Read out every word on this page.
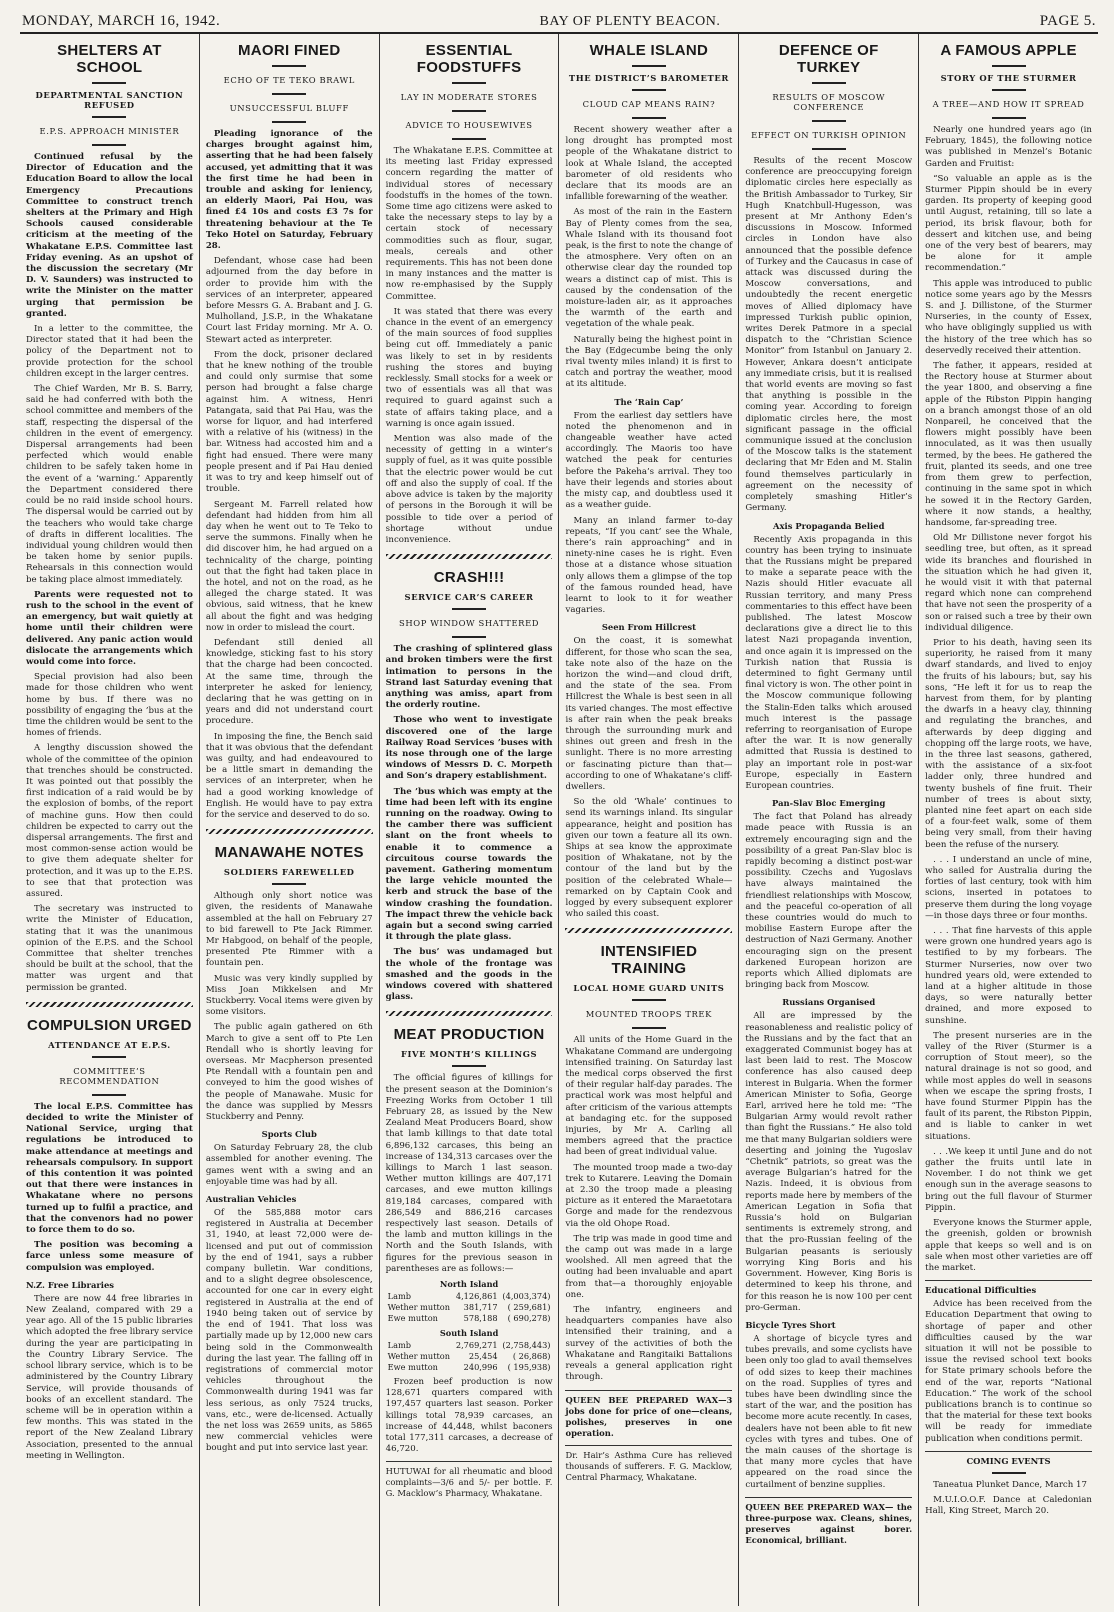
MONDAY, MARCH 16, 1942.	BAY OF PLENTY BEACON.	PAGE 5.
SHELTERS AT SCHOOL
DEPARTMENTAL SANCTION REFUSED
E.P.S. APPROACH MINISTER

Continued refusal by the Director of Education and the Education Board to allow the local Emergency Precautions Committee to construct trench shelters at the Primary and High Schools caused considerable criticism at the meeting of the Whakatane E.P.S. Committee last Friday evening. As an upshot of the discussion the secretary (Mr D. V. Saunders) was instructed to write the Minister on the matter urging that permission be granted.

In a letter to the committee, the Director stated that it had been the policy of the Department not to provide protection for the school children except in the larger centres.

The Chief Warden, Mr B. S. Barry, said he had conferred with both the school committee and members of the staff, respecting the dispersal of the children in the event of emergency. Dispersal arrangements had been perfected which would enable children to be safely taken home in the event of a ‘warning.’ Apparently the Department considered there could be no raid inside school hours. The dispersal would be carried out by the teachers who would take charge of drafts in different localities. The individual young children would then be taken home by senior pupils. Rehearsals in this connection would be taking place almost immediately.

Parents were requested not to rush to the school in the event of an emergency, but wait quietly at home until their children were delivered. Any panic action would dislocate the arrangements which would come into force.

Special provision had also been made for those children who went home by bus. If there was no possibility of engaging the ’bus at the time the children would be sent to the homes of friends.

A lengthy discussion showed the whole of the committee of the opinion that trenches should be constructed. It was pointed out that possibly the first indication of a raid would be by the explosion of bombs, of the report of machine guns. How then could children be expected to carry out the dispersal arrangements. The first and most common-sense action would be to give them adequate shelter for protection, and it was up to the E.P.S. to see that that protection was assured.

The secretary was instructed to write the Minister of Education, stating that it was the unanimous opinion of the E.P.S. and the School Committee that shelter trenches should be built at the school, that the matter was urgent and that permission be granted.

COMPULSION URGED
ATTENDANCE AT E.P.S.
COMMITTEE’S RECOMMENDATION

The local E.P.S. Committee has decided to write the Minister of National Service, urging that regulations be introduced to make attendance at meetings and rehearsals compulsory. In support of this contention it was pointed out that there were instances in Whakatane where no persons turned up to fulfil a practice, and that the convenors had no power to force them to do so.

The position was becoming a farce unless some measure of compulsion was employed.

N.Z. Free Libraries

There are now 44 free libraries in New Zealand, compared with 29 a year ago. All of the 15 public libraries which adopted the free library service during the year are participating in the Country Library Service. The school library service, which is to be administered by the Country Library Service, will provide thousands of books of an excellent standard. The scheme will be in operation within a few months. This was stated in the report of the New Zealand Library Association, presented to the annual meeting in Wellington.

MAORI FINED
ECHO OF TE TEKO BRAWL
UNSUCCESSFUL BLUFF

Pleading ignorance of the charges brought against him, asserting that he had been falsely accused, yet admitting that it was the first time he had been in trouble and asking for leniency, an elderly Maori, Pai Hou, was fined £4 10s and costs £3 7s for threatening behaviour at the Te Teko Hotel on Saturday, February 28.

Defendant, whose case had been adjourned from the day before in order to provide him with the services of an interpreter, appeared before Messrs G. A. Brabant and J. G. Mulholland, J.S.P., in the Whakatane Court last Friday morning. Mr A. O. Stewart acted as interpreter.

From the dock, prisoner declared that he knew nothing of the trouble and could only surmise that some person had brought a false charge against him. A witness, Henri Patangata, said that Pai Hau, was the worse for liquor, and had interfered with a relative of his (witness) in the bar. Witness had accosted him and a fight had ensued. There were many people present and if Pai Hau denied it was to try and keep himself out of trouble.

Sergeant M. Farrell related how defendant had hidden from him all day when he went out to Te Teko to serve the summons. Finally when he did discover him, he had argued on a technicality of the charge, pointing out that the fight had taken place in the hotel, and not on the road, as he alleged the charge stated. It was obvious, said witness, that he knew all about the fight and was hedging now in order to mislead the court.

Defendant still denied all knowledge, sticking fast to his story that the charge had been concocted. At the same time, through the interpreter he asked for leniency, declaring that he was getting on in years and did not understand court procedure.

In imposing the fine, the Bench said that it was obvious that the defendant was guilty, and had endeavoured to be a little smart in demanding the services of an interpreter, when he had a good working knowledge of English. He would have to pay extra for the service and deserved to do so.

MANAWAHE NOTES
SOLDIERS FAREWELLED

Although only short notice was given, the residents of Manawahe assembled at the hall on February 27 to bid farewell to Pte Jack Rimmer. Mr Habgood, on behalf of the people, presented Pte Rimmer with a fountain pen.

Music was very kindly supplied by Miss Joan Mikkelsen and Mr Stuckberry. Vocal items were given by some visitors.

The public again gathered on 6th March to give a sent off to Pte Len Rendall who is shortly leaving for overseas. Mr Macpherson presented Pte Rendall with a fountain pen and conveyed to him the good wishes of the people of Manawahe. Music for the dance was supplied by Messrs Stuckberry and Penny.

Sports Club

On Saturday February 28, the club assembled for another evening. The games went with a swing and an enjoyable time was had by all.

Australian Vehicles

Of the 585,888 motor cars registered in Australia at December 31, 1940, at least 72,000 were de-licensed and put out of commission by the end of 1941, says a rubber company bulletin. War conditions, and to a slight degree obsolescence, accounted for one car in every eight registered in Australia at the end of 1940 being taken out of service by the end of 1941. That loss was partially made up by 12,000 new cars being sold in the Commonwealth during the last year. The falling off in registrations of commercial motor vehicles throughout the Commonwealth during 1941 was far less serious, as only 7524 trucks, vans, etc., were de-licensed. Actually the net loss was 2659 units, as 5865 new commercial vehicles were bought and put into service last year.

ESSENTIAL FOODSTUFFS
LAY IN MODERATE STORES
ADVICE TO HOUSEWIVES

The Whakatane E.P.S. Committee at its meeting last Friday expressed concern regarding the matter of individual stores of necessary foodstuffs in the homes of the town. Some time ago citizens were asked to take the necessary steps to lay by a certain stock of necessary commodities such as flour, sugar, meals, cereals and other requirements. This has not been done in many instances and the matter is now re-emphasised by the Supply Committee.

It was stated that there was every chance in the event of an emergency of the main sources of food supplies being cut off. Immediately a panic was likely to set in by residents rushing the stores and buying recklessly. Small stocks for a week or two of essentials was all that was required to guard against such a state of affairs taking place, and a warning is once again issued.

Mention was also made of the necessity of getting in a winter’s supply of fuel, as it was quite possible that the electric power would be cut off and also the supply of coal. If the above advice is taken by the majority of persons in the Borough it will be possible to tide over a period of shortage without undue inconvenience.

CRASH!!!
SERVICE CAR’S CAREER
SHOP WINDOW SHATTERED

The crashing of splintered glass and broken timbers were the first intimation to persons in the Strand last Saturday evening that anything was amiss, apart from the orderly routine.

Those who went to investigate discovered one of the large Railway Road Services ’buses with its nose through one of the large windows of Messrs D. C. Morpeth and Son’s drapery establishment.

The ’bus which was empty at the time had been left with its engine running on the roadway. Owing to the camber there was sufficient slant on the front wheels to enable it to commence a circuitous course towards the pavement. Gathering momentum the large vehicle mounted the kerb and struck the base of the window crashing the foundation. The impact threw the vehicle back again but a second swing carried it through the plate glass.

The bus’ was undamaged but the whole of the frontage was smashed and the goods in the windows covered with shattered glass.

MEAT PRODUCTION
FIVE MONTH’S KILLINGS

The official figures of killings for the present season at the Dominion’s Freezing Works from October 1 till February 28, as issued by the New Zealand Meat Producers Board, show that lamb killings to that date total 6,896,132 carcases, this being an increase of 134,313 carcases over the killings to March 1 last season. Wether mutton killings are 407,171 carcases, and ewe mutton killings 819,184 carcases, compared with 286,549 and 886,216 carcases respectively last season. Details of the lamb and mutton killings in the North and the South Islands, with figures for the previous season in parentheses are as follows:—

North Island
Lamb	4,126,861	(4,003,374)
Wether mutton	381,717	( 259,681)
Ewe mutton	578,188	( 690,278)
South Island
Lamb	2,769,271	(2,758,443)
Wether mutton	25,454	( 26,868)
Ewe mutton	240,996	( 195,938)

Frozen beef production is now 128,671 quarters compared with 197,457 quarters last season. Porker killings total 78,939 carcases, an increase of 44,448, whilst baconers total 177,311 carcases, a decrease of 46,720.

HUTUWAI for all rheumatic and blood complaints—3/6 and 5/- per bottle. F. G. Macklow’s Pharmacy, Whakatane.
WHALE ISLAND
THE DISTRICT’S BAROMETER
CLOUD CAP MEANS RAIN?

Recent showery weather after a long drought has prompted most people of the Whakatane district to look at Whale Island, the accepted barometer of old residents who declare that its moods are an infallible forewarning of the weather.

As most of the rain in the Eastern Bay of Plenty comes from the sea, Whale Island with its thousand foot peak, is the first to note the change of the atmosphere. Very often on an otherwise clear day the rounded top wears a distinct cap of mist. This is caused by the condensation of the moisture-laden air, as it approaches the warmth of the earth and vegetation of the whale peak.

Naturally being the highest point in the Bay (Edgecumbe being the only rival twenty miles inland) it is first to catch and portray the weather, mood at its altitude.

The ‘Rain Cap’

From the earliest day settlers have noted the phenomenon and in changeable weather have acted accordingly. The Maoris too have watched the peak for centuries before the Pakeha’s arrival. They too have their legends and stories about the misty cap, and doubtless used it as a weather guide.

Many an inland farmer to-day repeats, “If you cant’ see the Whale, there’s rain approaching” and in ninety-nine cases he is right. Even those at a distance whose situation only allows them a glimpse of the top of the famous rounded head, have learnt to look to it for weather vagaries.

Seen From Hillcrest

On the coast, it is somewhat different, for those who scan the sea, take note also of the haze on the horizon the wind—and cloud drift, and the state of the sea. From Hillcrest the Whale is best seen in all its varied changes. The most effective is after rain when the peak breaks through the surrounding murk and shines out green and fresh in the sunlight. There is no more arresting or fascinating picture than that—according to one of Whakatane’s cliff-dwellers.

So the old ‘Whale’ continues to send its warnings inland. Its singular appearance, height and position has given our town a feature all its own. Ships at sea know the approximate position of Whakatane, not by the contour of the land but by the position of the celebrated Whale—remarked on by Captain Cook and logged by every subsequent explorer who sailed this coast.

INTENSIFIED TRAINING
LOCAL HOME GUARD UNITS
MOUNTED TROOPS TREK

All units of the Home Guard in the Whakatane Command are undergoing intensified training. On Saturday last the medical corps observed the first of their regular half-day parades. The practical work was most helpful and after criticism of the various attempts at bandaging etc. for the supposed injuries, by Mr A. Carling all members agreed that the practice had been of great individual value.

The mounted troop made a two-day trek to Kutarere. Leaving the Domain at 2.30 the troop made a pleasing picture as it entered the Maraetotara Gorge and made for the rendezvous via the old Ohope Road.

The trip was made in good time and the camp out was made in a large woolshed. All men agreed that the outing had been invaluable and apart from that—a thoroughly enjoyable one.

The infantry, engineers and headquarters companies have also intensified their training, and a survey of the activities of both the Whakatane and Rangitaiki Battalions reveals a general application right through.

QUEEN BEE PREPARED WAX—3 jobs done for price of one—cleans, polishes, preserves in one operation.
Dr. Hair’s Asthma Cure has relieved thousands of sufferers. F. G. Macklow, Central Pharmacy, Whakatane.
DEFENCE OF TURKEY
RESULTS OF MOSCOW CONFERENCE
EFFECT ON TURKISH OPINION

Results of the recent Moscow conference are preoccupying foreign diplomatic circles here especially as the British Ambassador to Turkey, Sir Hugh Knatchbull-Hugesson, was present at Mr Anthony Eden’s discussions in Moscow. Informed circles in London have also announced that the possible defence of Turkey and the Caucasus in case of attack was discussed during the Moscow conversations, and undoubtedly the recent energetic moves of Allied diplomacy have impressed Turkish public opinion, writes Derek Patmore in a special dispatch to the “Christian Science Monitor” from Istanbul on January 2. However, Ankara doesn’t anticipate any immediate crisis, but it is realised that world events are moving so fast that anything is possible in the coming year. According to foreign diplomatic circles here, the most significant passage in the official communique issued at the conclusion of the Moscow talks is the statement declaring that Mr Eden and M. Stalin found themselves particularly in agreement on the necessity of completely smashing Hitler’s Germany.

Axis Propaganda Belied

Recently Axis propaganda in this country has been trying to insinuate that the Russians might be prepared to make a separate peace with the Nazis should Hitler evacuate all Russian territory, and many Press commentaries to this effect have been published. The latest Moscow declarations give a direct lie to this latest Nazi propaganda invention, and once again it is impressed on the Turkish nation that Russia is determined to fight Germany until final victory is won. The other point in the Moscow communique following the Stalin-Eden talks which aroused much interest is the passage referring to reorganisation of Europe after the war. It is now generally admitted that Russia is destined to play an important role in post-war Europe, especially in Eastern European countries.

Pan-Slav Bloc Emerging

The fact that Poland has already made peace with Russia is an extremely encouraging sign and the possibility of a great Pan-Slav bloc is rapidly becoming a distinct post-war possibility. Czechs and Yugoslavs have always maintained the friendliest relationships with Moscow, and the peaceful co-operation of all these countries would do much to mobilise Eastern Europe after the destruction of Nazi Germany. Another encouraging sign on the present darkened European horizon are reports which Allied diplomats are bringing back from Moscow.

Russians Organised

All are impressed by the reasonableness and realistic policy of the Russians and by the fact that an exaggerated Communist bogey has at last been laid to rest. The Moscow conference has also caused deep interest in Bulgaria. When the former American Minister to Sofia, George Earl, arrived here he told me: “The Bulgarian Army would revolt rather than fight the Russians.” He also told me that many Bulgarian soldiers were deserting and joining the Yugoslav “Chetnik” patriots, so great was the average Bulgarian’s hatred for the Nazis. Indeed, it is obvious from reports made here by members of the American Legation in Sofia that Russia’s hold on Bulgarian sentiments is extremely strong, and that the pro-Russian feeling of the Bulgarian peasants is seriously worrying King Boris and his Government. However, King Boris is determined to keep his throne, and for this reason he is now 100 per cent pro-German.

Bicycle Tyres Short

A shortage of bicycle tyres and tubes prevails, and some cyclists have been only too glad to avail themselves of odd sizes to keep their machines on the road. Supplies of tyres and tubes have been dwindling since the start of the war, and the position has become more acute recently. In cases, dealers have not been able to fit new cycles with tyres and tubes. One of the main causes of the shortage is that many more cycles that have appeared on the road since the curtailment of benzine supplies.

QUEEN BEE PREPARED WAX— the three-purpose wax. Cleans, shines, preserves against borer. Economical, brilliant.
A FAMOUS APPLE
STORY OF THE STURMER
A TREE—AND HOW IT SPREAD

Nearly one hundred years ago (in February, 1845), the following notice was published in Menzel’s Botanic Garden and Fruitist:

“So valuable an apple as is the Sturmer Pippin should be in every garden. Its property of keeping good until August, retaining, till so late a period, its brisk flavour, both for dessert and kitchen use, and being one of the very best of bearers, may be alone for it ample recommendation.”

This apple was introduced to public notice some years ago by the Messrs S. and J. Dillistone, of the Sturmer Nurseries, in the county of Essex, who have obligingly supplied us with the history of the tree which has so deservedly received their attention.

The father, it appears, resided at the Rectory house at Sturmer about the year 1800, and observing a fine apple of the Ribston Pippin hanging on a branch amongst those of an old Nonpareil, he conceived that the flowers might possibly have been innoculated, as it was then usually termed, by the bees. He gathered the fruit, planted its seeds, and one tree from them grew to perfection, continuing in the same spot in which he sowed it in the Rectory Garden, where it now stands, a healthy, handsome, far-spreading tree.

Old Mr Dillistone never forgot his seedling tree, but often, as it spread wide its branches and flourished in the situation which he had given it, he would visit it with that paternal regard which none can comprehend that have not seen the prosperity of a son or raised such a tree by their own individual diligence.

Prior to his death, having seen its superiority, he raised from it many dwarf standards, and lived to enjoy the fruits of his labours; but, say his sons, “He left it for us to reap the harvest from them, for by planting the dwarfs in a heavy clay, thinning and regulating the branches, and afterwards by deep digging and chopping off the large roots, we have, in the three last seasons, gathered, with the assistance of a six-foot ladder only, three hundred and twenty bushels of fine fruit. Their number of trees is about sixty, planted nine feet apart on each side of a four-feet walk, some of them being very small, from their having been the refuse of the nursery.

. . . I understand an uncle of mine, who sailed for Australia during the forties of last century, took with him scions, inserted in potatoes to preserve them during the long voyage—in those days three or four months.

. . . That fine harvests of this apple were grown one hundred years ago is testified to by my forbears. The Sturmer Nurseries, now over two hundred years old, were extended to land at a higher altitude in those days, so were naturally better drained, and more exposed to sunshine.

The present nurseries are in the valley of the River (Sturmer is a corruption of Stout meer), so the natural drainage is not so good, and while most apples do well in seasons when we escape the spring frosts, I have found Sturmer Pippin has the fault of its parent, the Ribston Pippin, and is liable to canker in wet situations.

. . .We keep it until June and do not gather the fruits until late in November. I do not think we get enough sun in the average seasons to bring out the full flavour of Sturmer Pippin.

Everyone knows the Sturmer apple, the greenish, golden or brownish apple that keeps so well and is on sale when most other varieties are off the market.

Educational Difficulties

Advice has been received from the Education Department that owing to shortage of paper and other difficulties caused by the war situation it will not be possible to issue the revised school text books for State primary schools before the end of the war, reports “National Education.” The work of the school publications branch is to continue so that the material for these text books will be ready for immediate publication when conditions permit.

COMING EVENTS

Taneatua Plunket Dance, March 17

M.U.I.O.O.F. Dance at Caledonian Hall, King Street, March 20.
